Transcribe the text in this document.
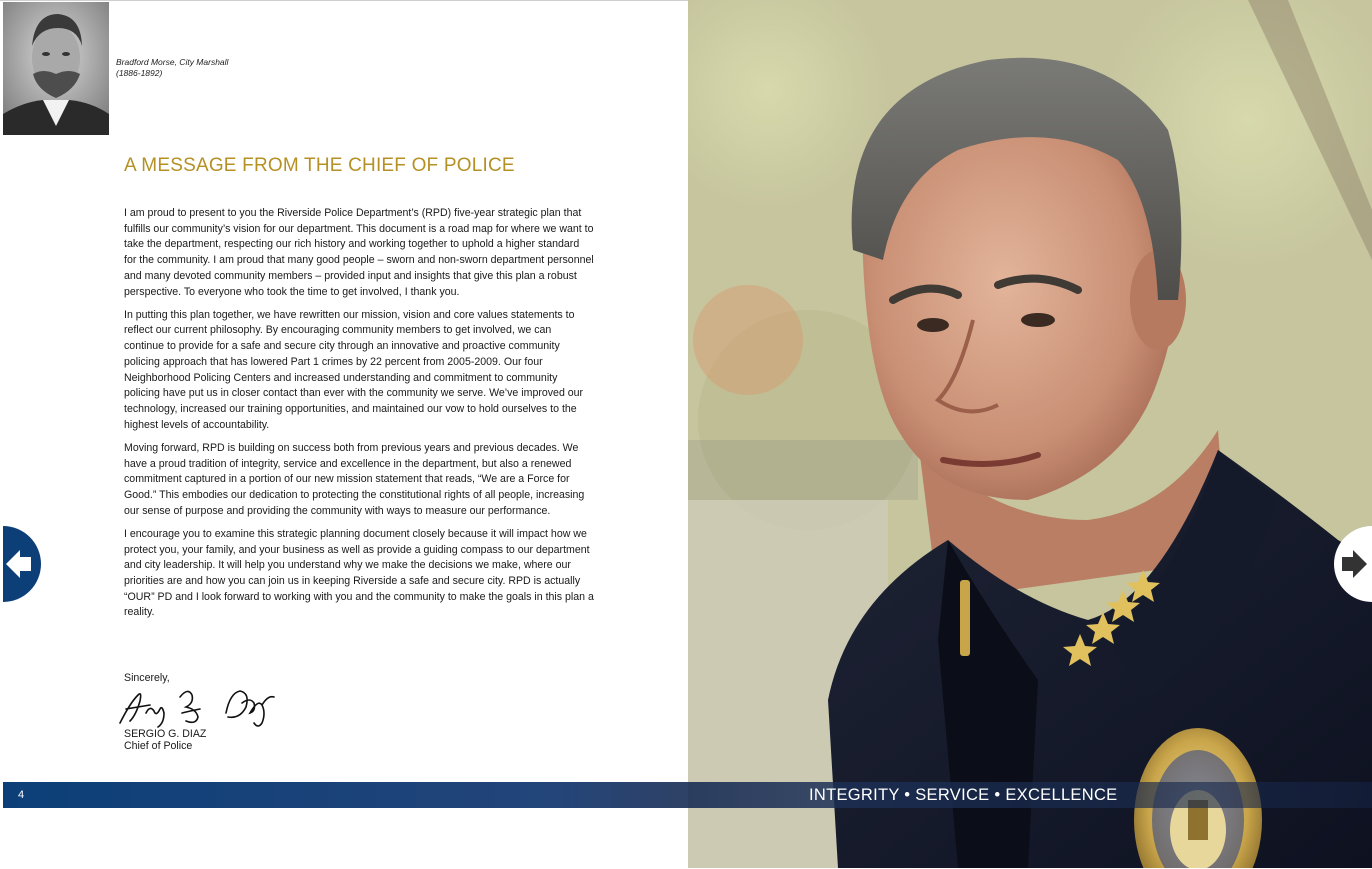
Bradford Morse, City Marshall
(1886-1892)
A MESSAGE FROM THE CHIEF OF POLICE

I am proud to present to you the Riverside Police Department’s (RPD) five-year strategic plan that fulfills our community’s vision for our department. This document is a road map for where we want to take the department, respecting our rich history and working together to uphold a higher standard for the community. I am proud that many good people – sworn and non-sworn department personnel and many devoted community members – provided input and insights that give this plan a robust perspective. To everyone who took the time to get involved, I thank you.

In putting this plan together, we have rewritten our mission, vision and core values statements to reflect our current philosophy. By encouraging community members to get involved, we can continue to provide for a safe and secure city through an innovative and proactive community policing approach that has lowered Part 1 crimes by 22 percent from 2005-2009. Our four Neighborhood Policing Centers and increased understanding and commitment to community policing have put us in closer contact than ever with the community we serve. We’ve improved our technology, increased our training opportunities, and maintained our vow to hold ourselves to the highest levels of accountability.

Moving forward, RPD is building on success both from previous years and previous decades. We have a proud tradition of integrity, service and excellence in the department, but also a renewed commitment captured in a portion of our new mission statement that reads, “We are a Force for Good.” This embodies our dedication to protecting the constitutional rights of all people, increasing our sense of purpose and providing the community with ways to measure our performance.

I encourage you to examine this strategic planning document closely because it will impact how we protect you, your family, and your business as well as provide a guiding compass to our department and city leadership. It will help you understand why we make the decisions we make, where our priorities are and how you can join us in keeping Riverside a safe and secure city. RPD is actually “OUR” PD and I look forward to working with you and the community to make the goals in this plan a reality.

Sincerely,
SERGIO G. DIAZ
Chief of Police
4	INTEGRITY • SERVICE • EXCELLENCE
